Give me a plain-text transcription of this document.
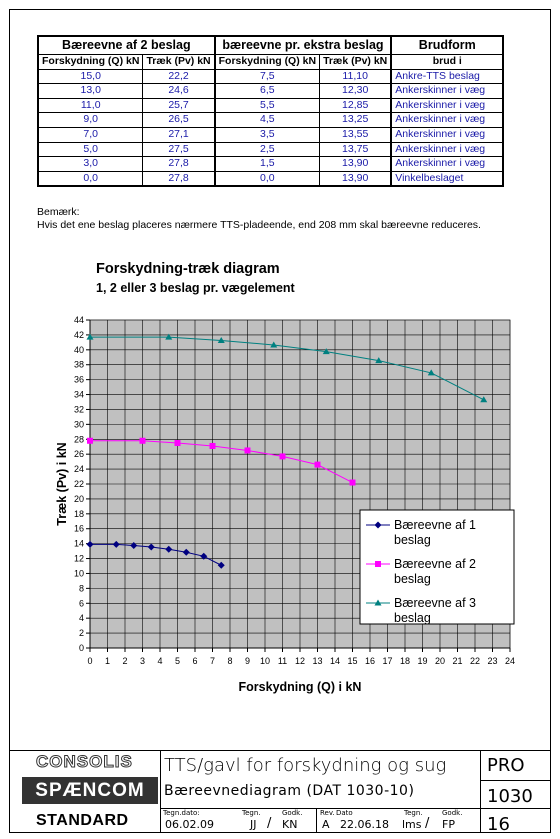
Bæreevne af 2 beslag		bæreevne pr. ekstra beslag		Brudform
Forskydning (Q) kN	Træk (Pv) kN	Forskydning (Q) kN	Træk (Pv) kN	brud i
15,0	22,2	7,5	11,10	Ankre-TTS beslag
13,0	24,6	6,5	12,30	Ankerskinner i væg
11,0	25,7	5,5	12,85	Ankerskinner i væg
9,0	26,5	4,5	13,25	Ankerskinner i væg
7,0	27,1	3,5	13,55	Ankerskinner i væg
5,0	27,5	2,5	13,75	Ankerskinner i væg
3,0	27,8	1,5	13,90	Ankerskinner i væg
0,0	27,8	0,0	13,90	Vinkelbeslaget
Bemærk:
Hvis det ene beslag placeres nærmere TTS-pladeende, end 208 mm skal bæreevne reduceres.
Forskydning-træk diagram
1, 2 eller 3 beslag pr. vægelement
0 1 2 3 4 5 6 7 8 9 10 11 12 13 14 15 16 17 18 19 20 21 22 23 24
0
2
4
6
8
10
12
14
16
18
20
22
24
26
28
30
32
34
36
38
40
42
44
Forskydning (Q) i kN
Træk (Pv) i kN	Bæreevne af 1 beslag
Bæreevne af 2 beslag
Bæreevne af 3 beslag
CONSOLIS
SPÆNCOM
STANDARD
TTS/gavl for forskydning og sug
Bæreevnediagram (DAT 1030-10)
PRO
1030
16
Tegn.dato:
06.02.09
Tegn.	Godk.
JJ / KN
Rev. Dato
A 22.06.18
Tegn.	Godk.
lms / FP
